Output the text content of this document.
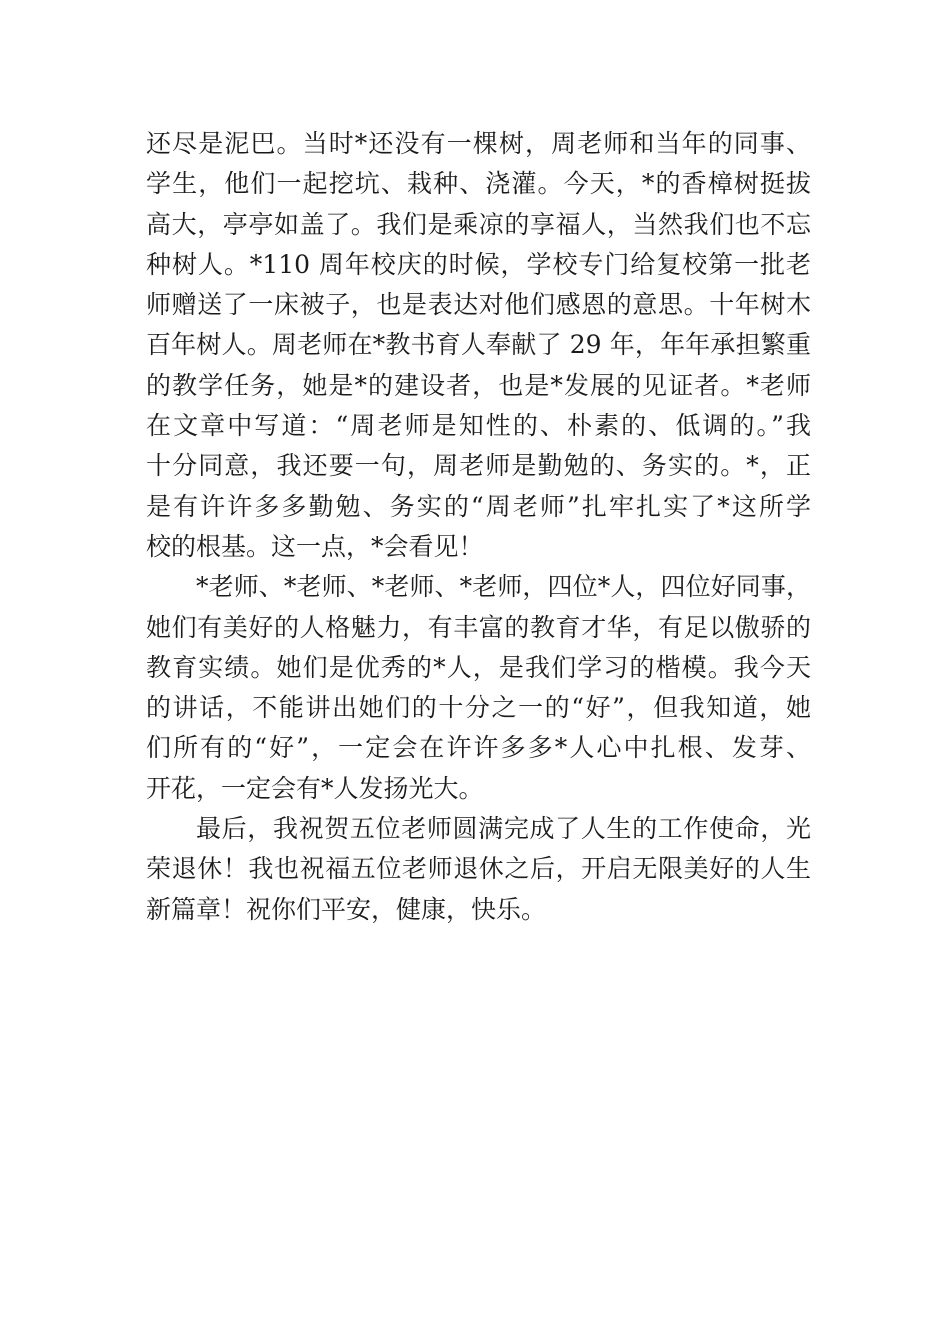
还尽是泥巴。当时*还没有一棵树，周老师和当年的同事、
学生，他们一起挖坑、栽种、浇灌。今天，*的香樟树挺拔
高大，亭亭如盖了。我们是乘凉的享福人，当然我们也不忘
种树人。*110 周年校庆的时候，学校专门给复校第一批老
师赠送了一床被子，也是表达对他们感恩的意思。十年树木
百年树人。周老师在*教书育人奉献了 29 年，年年承担繁重
的教学任务，她是*的建设者，也是*发展的见证者。*老师
在文章中写道：“周老师是知性的、朴素的、低调的。”我
十分同意，我还要一句，周老师是勤勉的、务实的。*，正
是有许许多多勤勉、务实的“周老师”扎牢扎实了*这所学
校的根基。这一点，*会看见！
*老师、*老师、*老师、*老师，四位*人，四位好同事，
她们有美好的人格魅力，有丰富的教育才华，有足以傲骄的
教育实绩。她们是优秀的*人，是我们学习的楷模。我今天
的讲话，不能讲出她们的十分之一的“好”，但我知道，她
们所有的“好”，一定会在许许多多*人心中扎根、发芽、
开花，一定会有*人发扬光大。
最后，我祝贺五位老师圆满完成了人生的工作使命，光
荣退休！我也祝福五位老师退休之后，开启无限美好的人生
新篇章！祝你们平安，健康，快乐。
